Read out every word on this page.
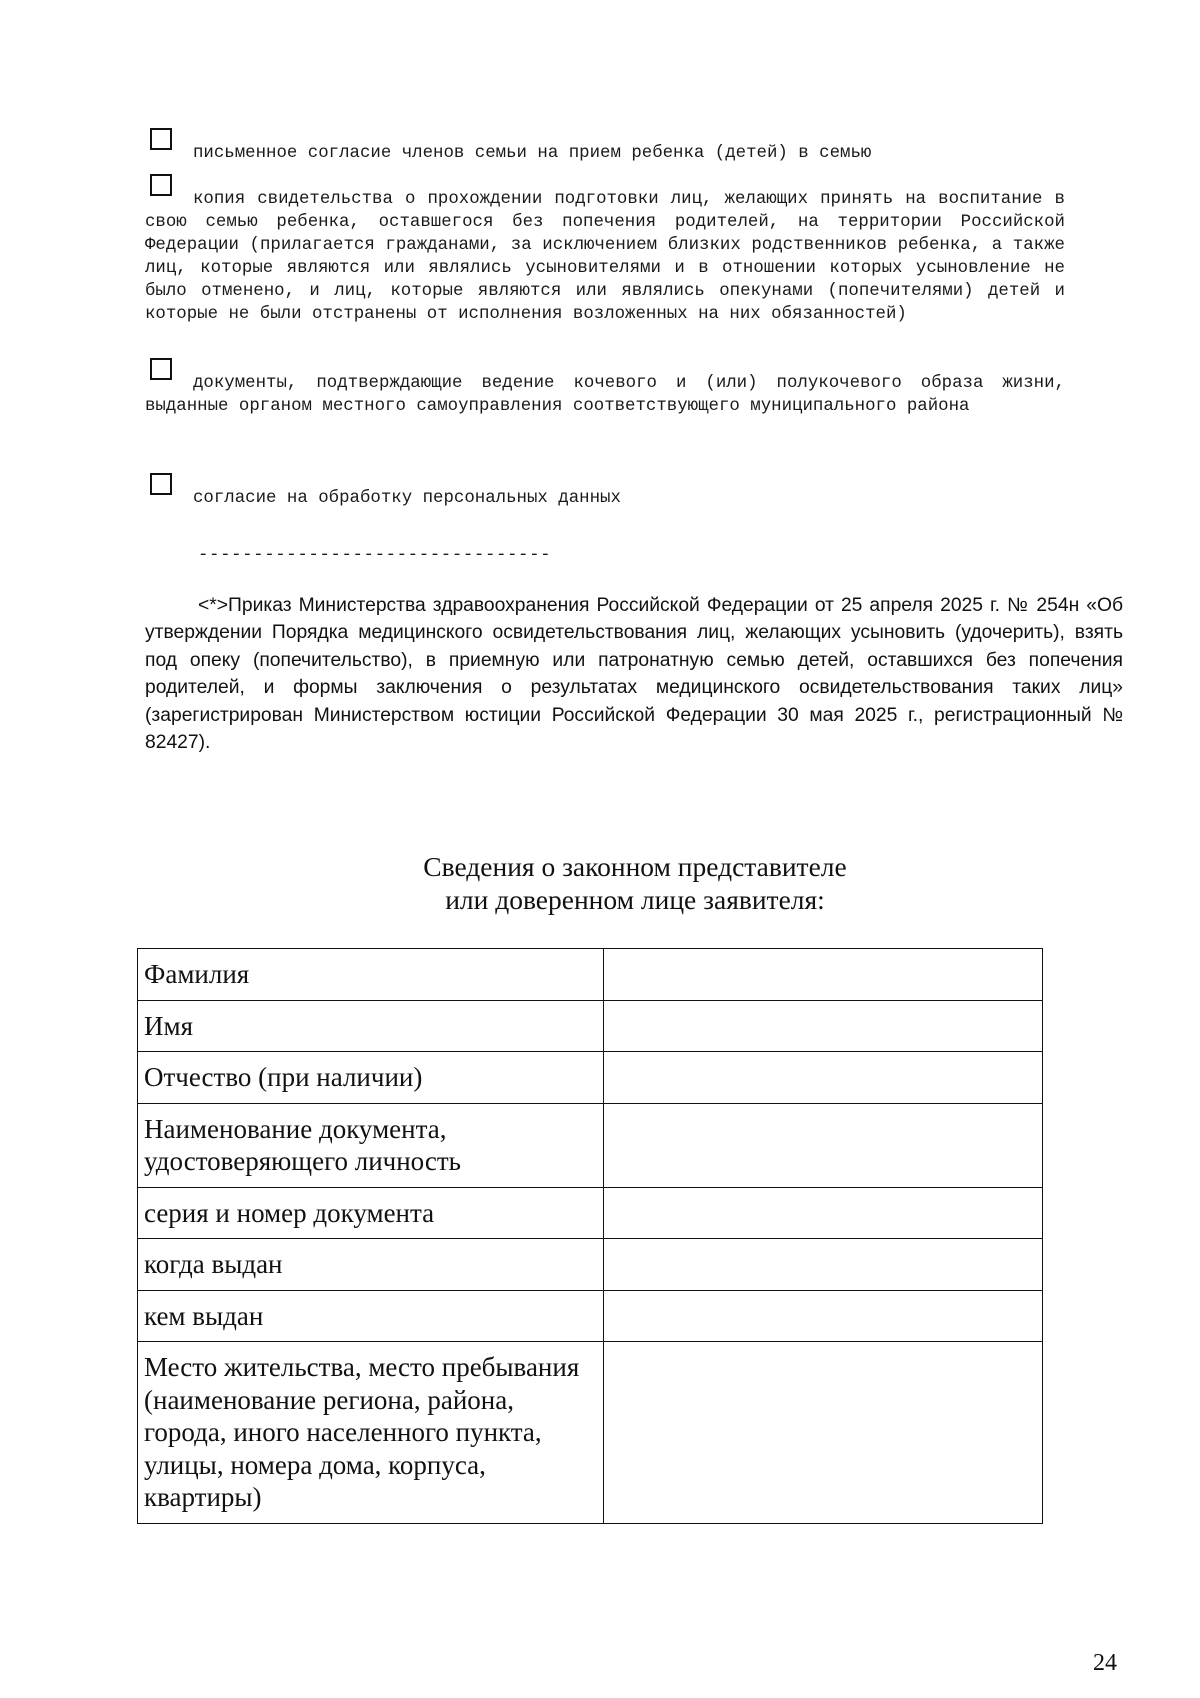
письменное согласие членов семьи на прием ребенка (детей) в семью

копия свидетельства о прохождении подготовки лиц, желающих принять на воспитание в свою семью ребенка, оставшегося без попечения родителей, на территории Российской Федерации (прилагается гражданами, за исключением близких родственников ребенка, а также лиц, которые являются или являлись усыновителями и в отношении которых усыновление не было отменено, и лиц, которые являются или являлись опекунами (попечителями) детей и которые не были отстранены от исполнения возложенных на них обязанностей)

документы, подтверждающие ведение кочевого и (или) полукочевого образа жизни, выданные органом местного самоуправления соответствующего муниципального района

согласие на обработку персональных данных

--------------------------------

<*>Приказ Министерства здравоохранения Российской Федерации от 25 апреля 2025 г. № 254н «Об утверждении Порядка медицинского освидетельствования лиц, желающих усыновить (удочерить), взять под опеку (попечительство), в приемную или патронатную семью детей, оставшихся без попечения родителей, и формы заключения о результатах медицинского освидетельствования таких лиц» (зарегистрирован Министерством юстиции Российской Федерации 30 мая 2025 г., регистрационный № 82427).

Сведения о законном представителе
или доверенном лице заявителя:
Фамилия	
Имя	
Отчество (при наличии)	
Наименование документа, удостоверяющего личность	
серия и номер документа	
когда выдан	
кем выдан	
Место жительства, место пребывания (наименование региона, района, города, иного населенного пункта, улицы, номера дома, корпуса, квартиры)	
24
